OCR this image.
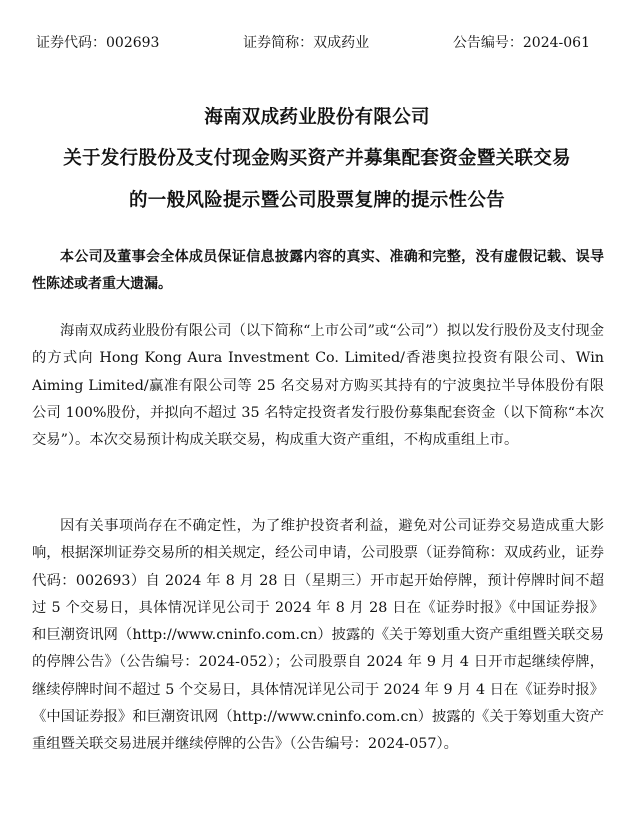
证券代码：002693	证券简称：双成药业	公告编号：2024-061
海南双成药业股份有限公司
关于发行股份及支付现金购买资产并募集配套资金暨关联交易
的一般风险提示暨公司股票复牌的提示性公告
本公司及董事会全体成员保证信息披露内容的真实、准确和完整，没有虚假记载、误导性陈述或者重大遗漏。
海南双成药业股份有限公司（以下简称“上市公司”或“公司”）拟以发行股份及支付现金的方式向 Hong Kong Aura Investment Co. Limited/香港奥拉投资有限公司、Win Aiming Limited/赢准有限公司等 25 名交易对方购买其持有的宁波奥拉半导体股份有限公司 100%股份，并拟向不超过 35 名特定投资者发行股份募集配套资金（以下简称“本次交易”）。本次交易预计构成关联交易，构成重大资产重组，不构成重组上市。
因有关事项尚存在不确定性，为了维护投资者利益，避免对公司证券交易造成重大影响，根据深圳证券交易所的相关规定，经公司申请，公司股票（证券简称：双成药业，证券代码：002693）自 2024 年 8 月 28 日（星期三）开市起开始停牌，预计停牌时间不超过 5 个交易日，具体情况详见公司于 2024 年 8 月 28 日在《证券时报》《中国证券报》和巨潮资讯网（http://www.cninfo.com.cn）披露的《关于筹划重大资产重组暨关联交易的停牌公告》（公告编号：2024-052）；公司股票自 2024 年 9 月 4 日开市起继续停牌，继续停牌时间不超过 5 个交易日，具体情况详见公司于 2024 年 9 月 4 日在《证券时报》《中国证券报》和巨潮资讯网（http://www.cninfo.com.cn）披露的《关于筹划重大资产重组暨关联交易进展并继续停牌的公告》（公告编号：2024-057）。
